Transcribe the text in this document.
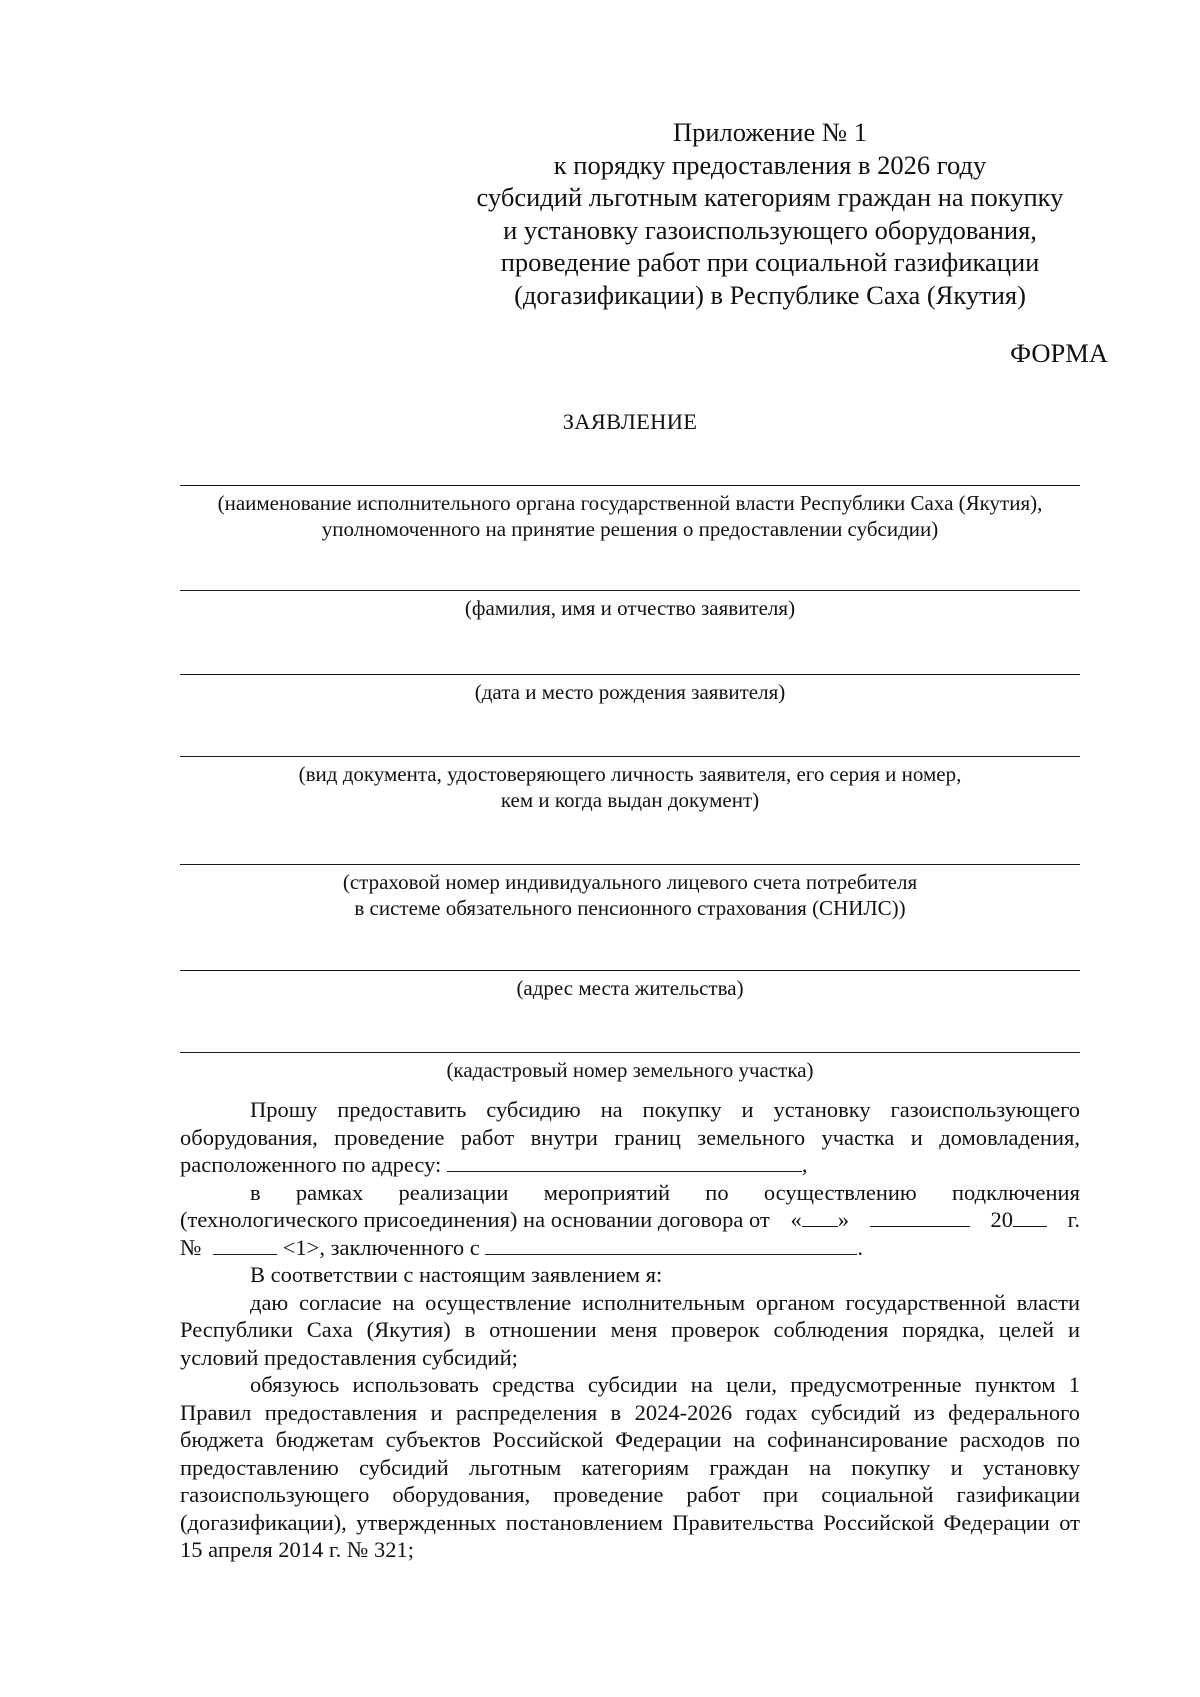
Приложение № 1
к порядку предоставления в 2026 году
субсидий льготным категориям граждан на покупку
и установку газоиспользующего оборудования,
проведение работ при социальной газификации
(догазификации) в Республике Саха (Якутия)
ФОРМА
ЗАЯВЛЕНИЕ
(наименование исполнительного органа государственной власти Республики Саха (Якутия),
уполномоченного на принятие решения о предоставлении субсидии)
(фамилия, имя и отчество заявителя)
(дата и место рождения заявителя)
(вид документа, удостоверяющего личность заявителя, его серия и номер,
кем и когда выдан документ)
(страховой номер индивидуального лицевого счета потребителя
в системе обязательного пенсионного страхования (СНИЛС))
(адрес места жительства)
(кадастровый номер земельного участка)

Прошу предоставить субсидию на покупку и установку газоиспользующего оборудования, проведение работ внутри границ земельного участка и домовладения, расположенного по адресу:	,

в рамках реализации мероприятий по осуществлению подключения
(технологического присоединения) на основании договора от « »	20	г.
№	<1>, заключенного с	.

В соответствии с настоящим заявлением я:

даю согласие на осуществление исполнительным органом государственной власти Республики Саха (Якутия) в отношении меня проверок соблюдения порядка, целей и условий предоставления субсидий;

обязуюсь использовать средства субсидии на цели, предусмотренные пунктом 1 Правил предоставления и распределения в 2024-2026 годах субсидий из федерального бюджета бюджетам субъектов Российской Федерации на софинансирование расходов по предоставлению субсидий льготным категориям граждан на покупку и установку газоиспользующего оборудования, проведение работ при социальной газификации (догазификации), утвержденных постановлением Правительства Российской Федерации от 15 апреля 2014 г. № 321;
